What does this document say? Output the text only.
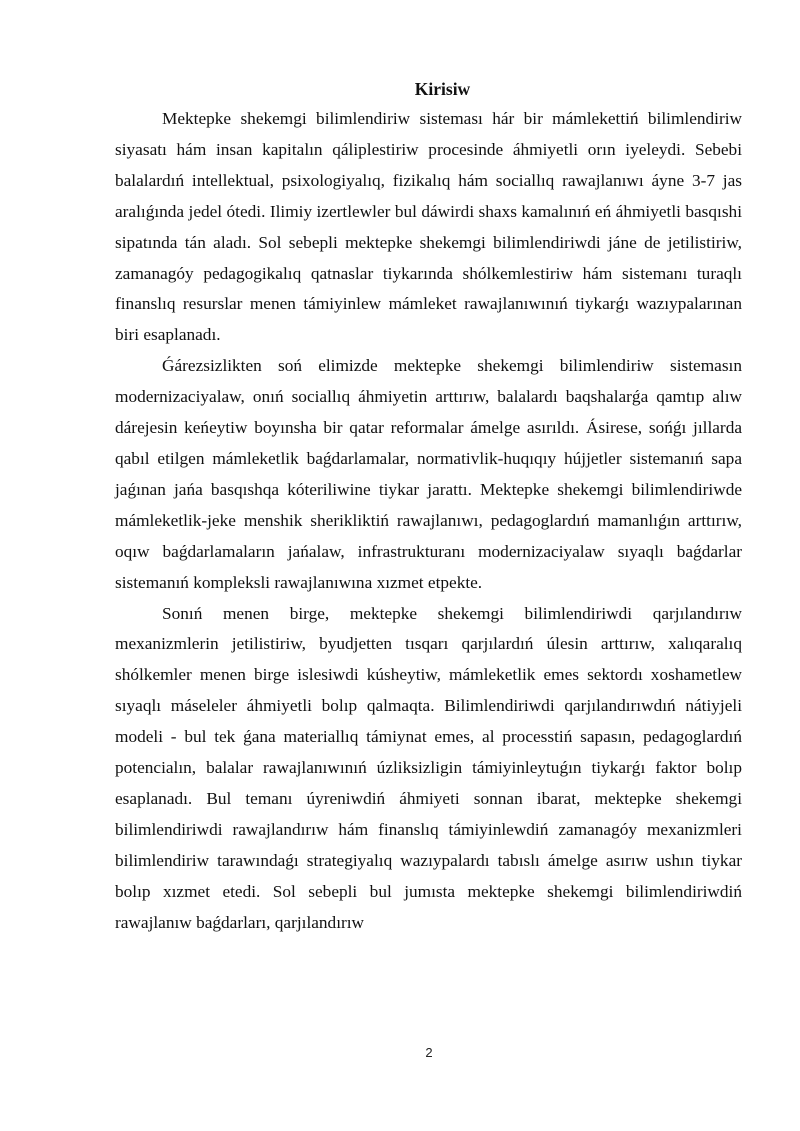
Kirisiw

Mektepke shekemgi bilimlendiriw sisteması hár bir mámlekettiń bilimlendiriw siyasatı hám insan kapitalın qáliplestiriw procesinde áhmiyetli orın iyeleydi. Sebebi balalardıń intellektual, psixologiyalıq, fizikalıq hám sociallıq rawajlanıwı áyne 3-7 jas aralıǵında jedel ótedi. Ilimiy izertlewler bul dáwirdi shaxs kamalınıń eń áhmiyetli basqıshi sipatında tán aladı. Sol sebepli mektepke shekemgi bilimlendiriwdi jáne de jetilistiriw, zamanagóy pedagogikalıq qatnaslar tiykarında shólkemlestiriw hám sistemanı turaqlı finanslıq resurslar menen támiyinlew mámleket rawajlanıwınıń tiykarǵı wazıypalarınan biri esaplanadı.

Ǵárezsizlikten soń elimizde mektepke shekemgi bilimlendiriw sistemasın modernizaciyalaw, onıń sociallıq áhmiyetin arttırıw, balalardı baqshalarǵa qamtıp alıw dárejesin keńeytiw boyınsha bir qatar reformalar ámelge asırıldı. Ásirese, sońǵı jıllarda qabıl etilgen mámleketlik baǵdarlamalar, normativlik-huqıqıy hújjetler sistemanıń sapa jaǵınan jańa basqıshqa kóteriliwine tiykar jarattı. Mektepke shekemgi bilimlendiriwde mámleketlik-jeke menshik sherikliktiń rawajlanıwı, pedagoglardıń mamanlıǵın arttırıw, oqıw baǵdarlamaların jańalaw, infrastrukturanı modernizaciyalaw sıyaqlı baǵdarlar sistemanıń kompleksli rawajlanıwına xızmet etpekte.

Sonıń menen birge, mektepke shekemgi bilimlendiriwdi qarjılandırıw mexanizmlerin jetilistiriw, byudjetten tısqarı qarjılardıń úlesin arttırıw, xalıqaralıq shólkemler menen birge islesiwdi kúsheytiw, mámleketlik emes sektordı xoshametlew sıyaqlı máseleler áhmiyetli bolıp qalmaqta. Bilimlendiriwdi qarjılandırıwdıń nátiyjeli modeli - bul tek ǵana materiallıq támiynat emes, al processtiń sapasın, pedagoglardıń potencialın, balalar rawajlanıwınıń úzliksizligin támiyinleytuǵın tiykarǵı faktor bolıp esaplanadı. Bul temanı úyreniwdiń áhmiyeti sonnan ibarat, mektepke shekemgi bilimlendiriwdi rawajlandırıw hám finanslıq támiyinlewdiń zamanagóy mexanizmleri bilimlendiriw tarawındaǵı strategiyalıq wazıypalardı tabıslı ámelge asırıw ushın tiykar bolıp xızmet etedi. Sol sebepli bul jumısta mektepke shekemgi bilimlendiriwdiń rawajlanıw baǵdarları, qarjılandırıw

2
